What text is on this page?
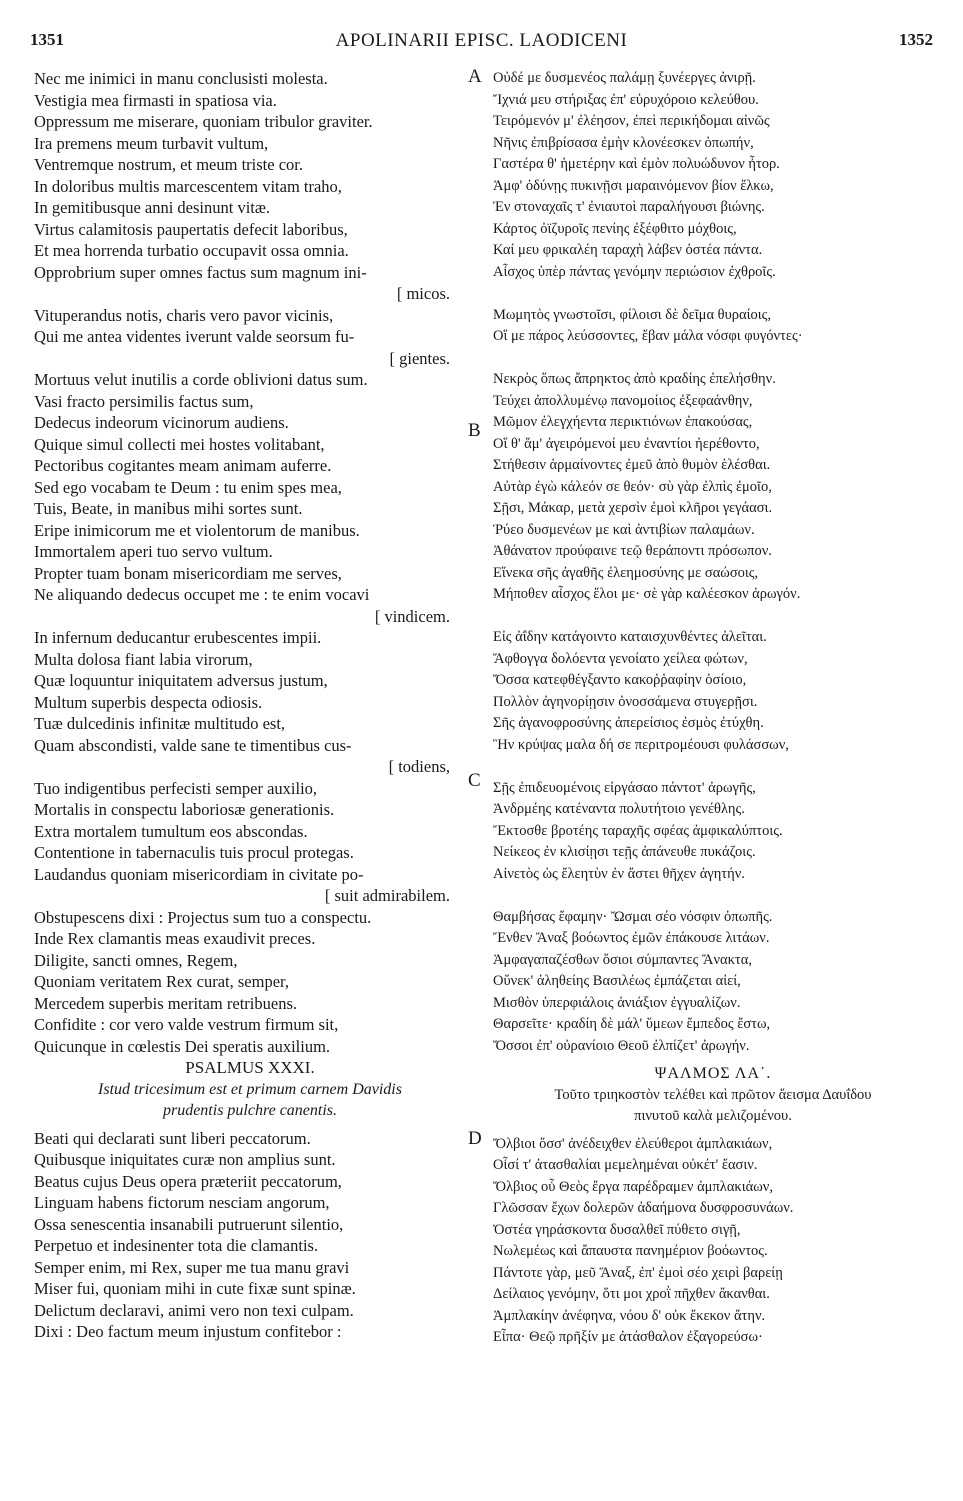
1351	APOLINARII EPISC. LAODICENI	1352
A
B
C
D
Nec me inimici in manu conclusisti molesta.
Vestigia mea firmasti in spatiosa via.
Oppressum me miserare, quoniam tribulor graviter.
Ira premens meum turbavit vultum,
Ventremque nostrum, et meum triste cor.
In doloribus multis marcescentem vitam traho,
In gemitibusque anni desinunt vitæ.
Virtus calamitosis paupertatis defecit laboribus,
Et mea horrenda turbatio occupavit ossa omnia.
Opprobrium super omnes factus sum magnum ini-
[ micos.
Vituperandus notis, charis vero pavor vicinis,
Qui me antea videntes iverunt valde seorsum fu-
[ gientes.
Mortuus velut inutilis a corde oblivioni datus sum.
Vasi fracto persimilis factus sum,
Dedecus indeorum vicinorum audiens.
Quique simul collecti mei hostes volitabant,
Pectoribus cogitantes meam animam auferre.
Sed ego vocabam te Deum : tu enim spes mea,
Tuis, Beate, in manibus mihi sortes sunt.
Eripe inimicorum me et violentorum de manibus.
Immortalem aperi tuo servo vultum.
Propter tuam bonam misericordiam me serves,
Ne aliquando dedecus occupet me : te enim vocavi
[ vindicem.
In infernum deducantur erubescentes impii.
Multa dolosa fiant labia virorum,
Quæ loquuntur iniquitatem adversus justum,
Multum superbis despecta odiosis.
Tuæ dulcedinis infinitæ multitudo est,
Quam abscondisti, valde sane te timentibus cus-
[ todiens,
Tuo indigentibus perfecisti semper auxilio,
Mortalis in conspectu laboriosæ generationis.
Extra mortalem tumultum eos abscondas.
Contentione in tabernaculis tuis procul protegas.
Laudandus quoniam misericordiam in civitate po-
[ suit admirabilem.
Obstupescens dixi : Projectus sum tuo a conspectu.
Inde Rex clamantis meas exaudivit preces.
Diligite, sancti omnes, Regem,
Quoniam veritatem Rex curat, semper,
Mercedem superbis meritam retribuens.
Confidite : cor vero valde vestrum firmum sit,
Quicunque in cœlestis Dei speratis auxilium.
PSALMUS XXXI.
Istud tricesimum est et primum carnem Davidis
prudentis pulchre canentis.
Beati qui declarati sunt liberi peccatorum.
Quibusque iniquitates curæ non amplius sunt.
Beatus cujus Deus opera præteriit peccatorum,
Linguam habens fictorum nesciam angorum,
Ossa senescentia insanabili putruerunt silentio,
Perpetuo et indesinenter tota die clamantis.
Semper enim, mi Rex, super me tua manu gravi
Miser fui, quoniam mihi in cute fixæ sunt spinæ.
Delictum declaravi, animi vero non texi culpam.
Dixi : Deo factum meum injustum confitebor :
Οὐδέ με δυσμενέος παλάμῃ ξυνέεργες ἀνιρῇ.
Ἴχνιά μευ στήριξας ἐπ' εὐρυχόροιο κελεύθου.
Τειρόμενόν μ' ἐλέησον, ἐπεὶ περικήδομαι αἰνῶς
Νῆνις ἐπιβρίσασα ἐμὴν κλονέεσκεν ὀπωπήν,
Γαστέρα θ' ἡμετέρην καὶ ἐμὸν πολυώδυνον ἦτορ.
Ἀμφ' ὀδύνῃς πυκινῇσι μαραινόμενον βίον ἕλκω,
Ἐν στοναχαῖς τ' ἐνιαυτοὶ παραλήγουσι βιώνης.
Κάρτος ὀϊζυροῖς πενίης ἐξέφθιτο μόχθοις,
Καί μευ φρικαλέη ταραχὴ λάβεν ὀστέα πάντα.
Αἶσχος ὑπὲρ πάντας γενόμην περιώσιον ἐχθροῖς.
Μωμητὸς γνωστοῖσι, φίλοισι δὲ δεῖμα θυραίοις,
Οἵ με πάρος λεύσσοντες, ἔβαν μάλα νόσφι φυγόντες·
Νεκρὸς ὅπως ἄπρηκτος ἀπὸ κραδίης ἐπελήσθην.
Τεύχει ἀπολλυμένῳ πανομοίιος ἐξεφαάνθην,
Μῶμον ἐλεγχήεντα περικτιόνων ἐπακούσας,
Οἵ θ' ἅμ' ἀγειρόμενοί μευ ἐναντίοι ἠερέθοντο,
Στήθεσιν ἁρμαίνοντες ἐμεῦ ἀπὸ θυμὸν ἑλέσθαι.
Αὐτὰρ ἐγὼ κάλεόν σε θεόν· σὺ γὰρ ἐλπὶς ἐμοῖο,
Σῇσι, Μάκαρ, μετὰ χερσὶν ἐμοὶ κλῆροι γεγάασι.
Ῥύεο δυσμενέων με καὶ ἀντιβίων παλαμάων.
Ἀθάνατον προύφαινε τεῷ θεράποντι πρόσωπον.
Εἵνεκα σῆς ἀγαθῆς ἐλεημοσύνης με σαώσοις,
Μήποθεν αἶσχος ἕλοι με· σὲ γὰρ καλέεσκον ἀρωγόν.
Εἰς ἀΐδην κατάγοιντο καταισχυνθέντες ἀλεῖται.
Ἄφθογγα δολόεντα γενοίατο χείλεα φώτων,
Ὅσσα κατεφθέγξαντο κακοῤῥαφίην ὁσίοιο,
Πολλὸν ἀγηνορίῃσιν ὀνοσσάμενα στυγερῇσι.
Σῆς ἀγανοφροσύνης ἀπερείσιος ἐσμὸς ἐτύχθη.
Ἣν κρύψας μαλα δή σε περιτρομέουσι φυλάσσων,
Σῇς ἐπιδευομένοις εἰργάσαο πάντοτ' ἀρωγῆς,
Ἀνδρμέης κατέναντα πολυτήτοιο γενέθλης.
Ἔκτοσθε βροτέης ταραχῆς σφέας ἀμφικαλύπτοις.
Νείκεος ἐν κλισίῃσι τεῇς ἀπάνευθε πυκάζοις.
Αἰνετὸς ὡς ἔλεητὺν ἐν ἄστει θῆχεν ἀγητήν.
Θαμβήσας ἔφαμην· Ὤσμαι σέο νόσφιν ὀπωπῆς.
Ἔνθεν Ἄναξ βοόωντος ἐμῶν ἐπάκουσε λιτάων.
Ἀμφαγαπαζέσθων ὅσιοι σύμπαντες Ἄνακτα,
Οὕνεκ' ἀληθείης Βασιλέως ἐμπάζεται αἰεί,
Μισθὸν ὑπερφιάλοις ἀνιάξιον ἐγγυαλίζων.
Θαρσεῖτε· κραδίη δὲ μάλ' ὕμεων ἔμπεδος ἔστω,
Ὅσσοι ἐπ' οὐρανίοιο Θεοῦ ἐλπίζετ' ἀρωγήν.
ΨΑΛΜΟΣ ΛΑ΄.
Τοῦτο τριηκοστὸν τελέθει καὶ πρῶτον ἄεισμα Δαυΐδου
πινυτοῦ καλὰ μελιζομένου.
Ὄλβιοι ὅσσ' ἀνέδειχθεν ἐλεύθεροι ἀμπλακιάων,
Οἷσί τ' ἀτασθαλίαι μεμελημέναι οὐκέτ' ἔασιν.
Ὄλβιος οὗ Θεὸς ἔργα παρέδραμεν ἀμπλακιάων,
Γλῶσσαν ἔχων δολερῶν ἀδαήμονα δυσφροσυνάων.
Ὀστέα γηράσκοντα δυσαλθεῖ πύθετο σιγῇ,
Νωλεμέως καὶ ἄπαυστα πανημέριον βοόωντος.
Πάντοτε γὰρ, μεῦ Ἄναξ, ἐπ' ἐμοὶ σέο χειρὶ βαρείῃ
Δείλαιος γενόμην, ὅτι μοι χροῒ πῆχθεν ἄκανθαι.
Ἀμπλακίην ἀνέφηνα, νόου δ' οὐκ ἔκεκον ἄτην.
Εἶπα· Θεῷ πρῆξίν με ἀτάσθαλον ἐξαγορεύσω·
